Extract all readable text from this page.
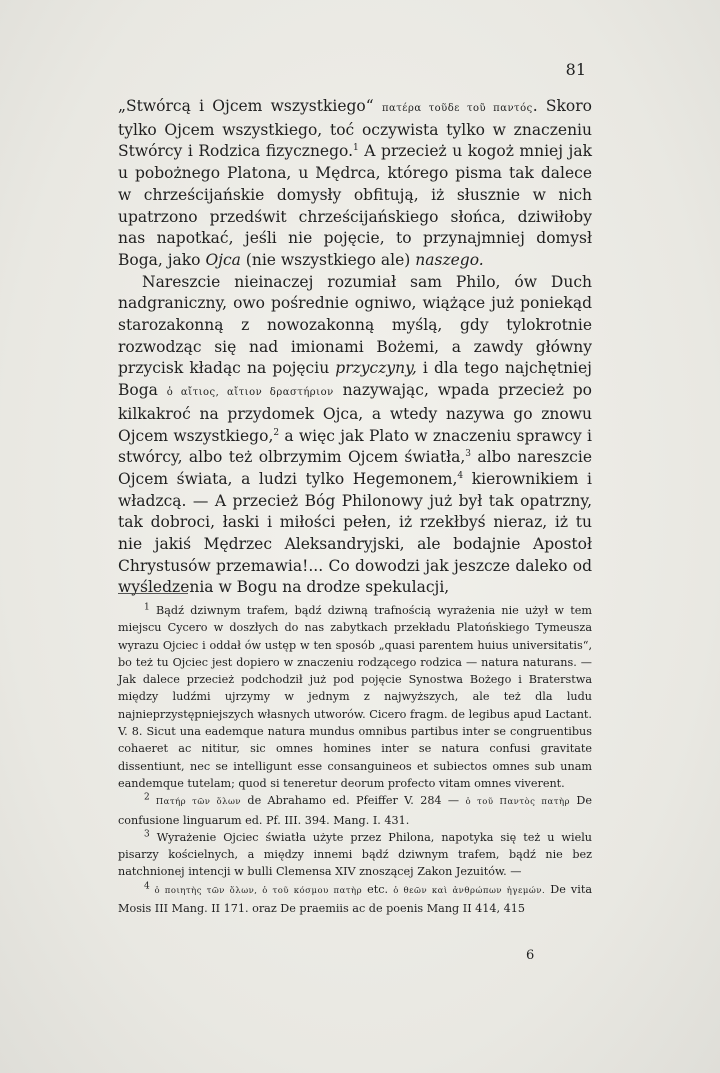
81

„Stwórcą i Ojcem wszystkiego“ πατέρα τοῦδε τοῦ παντός. Skoro tylko Ojcem wszystkiego, toć oczywista tylko w znaczeniu Stwórcy i Rodzica fizycznego.$^1$ A przecież u kogoż mniej jak u pobożnego Platona, u Mędrca, którego pisma tak dalece w chrześcijańskie domysły obfitują, iż słusznie w nich upatrzono przedświt chrześcijańskiego słońca, dziwiłoby nas napotkać, jeśli nie pojęcie, to przynajmniej domysł Boga, jako Ojca (nie wszystkiego ale) naszego.

Nareszcie nieinaczej rozumiał sam Philo, ów Duch nadgraniczny, owo pośrednie ogniwo, wiążące już poniekąd starozakonną z nowozakonną myślą, gdy tylokrotnie rozwodząc się nad imionami Bożemi, a zawdy główny przycisk kładąc na pojęciu przyczyny, i dla tego najchętniej Boga ὁ αἴτιος, αἴτιον δραστήριον nazywając, wpada przecież po kilkakroć na przydomek Ojca, a wtedy nazywa go znowu Ojcem wszystkiego,$^2$ a więc jak Plato w znaczeniu sprawcy i stwórcy, albo też olbrzymim Ojcem światła,$^3$ albo nareszcie Ojcem świata, a ludzi tylko Hegemonem,$^4$ kierownikiem i władzcą. — A przecież Bóg Philonowy już był tak opatrzny, tak dobroci, łaski i miłości pełen, iż rzekłbyś nieraz, iż tu nie jakiś Mędrzec Aleksandryjski, ale bodajnie Apostoł Chrystusów przemawia!... Co dowodzi jak jeszcze daleko od wyśledzenia w Bogu na drodze spekulacji,

$^1$ Bądź dziwnym trafem, bądź dziwną trafnością wyrażenia nie użył w tem miejscu Cycero w doszłych do nas zabytkach przekładu Platońskiego Tymeusza wyrazu Ojciec i oddał ów ustęp w ten sposób „quasi parentem huius universitatis“, bo też tu Ojciec jest dopiero w znaczeniu rodzącego rodzica — natura naturans. — Jak dalece przecież podchodził już pod pojęcie Synostwa Bożego i Braterstwa między ludźmi ujrzymy w jednym z najwyższych, ale też dla ludu najnieprzystępniejszych własnych utworów. Cicero fragm. de legibus apud Lactant. V. 8. Sicut una eademque natura mundus omnibus partibus inter se congruentibus cohaeret ac nititur, sic omnes homines inter se natura confusi gravitate dissentiunt, nec se intelligunt esse consanguineos et subiectos omnes sub unam eandemque tutelam; quod si teneretur deorum profecto vitam omnes viverent.

$^2$ Πατήρ τῶν ὅλων de Abrahamo ed. Pfeiffer V. 284 — ὁ τοῦ Παντὸς πατὴρ De confusione linguarum ed. Pf. III. 394. Mang. I. 431.

$^3$ Wyrażenie Ojciec światła użyte przez Philona, napotyka się też u wielu pisarzy kościelnych, a między innemi bądź dziwnym trafem, bądź nie bez natchnionej intencji w bulli Clemensa XIV znoszącej Zakon Jezuitów. —

$^4$ ὁ ποιητὴς τῶν ὅλων, ὁ τοῦ κόσμου πατὴρ etc. ὁ θεῶν καὶ ἀνθρώπων ἡγεμών. De vita Mosis III Mang. II 171. oraz De praemiis ac de poenis Mang II 414, 415

6
